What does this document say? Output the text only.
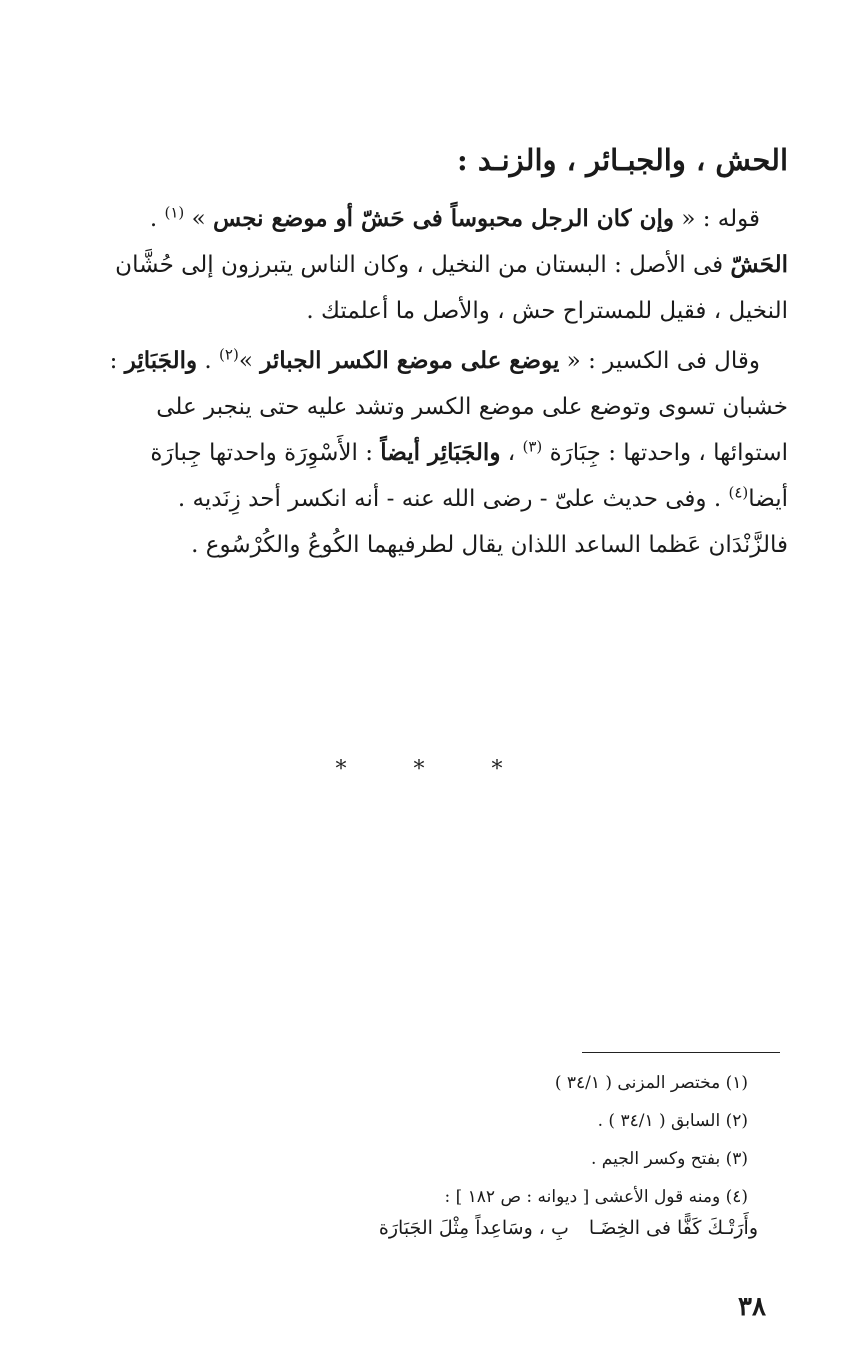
الحش ، والجبـائر ، والزنـد :
قوله : « وإن كان الرجل محبوساً فى حَشّ أو موضع نجس » $^{(١)}$ .
الحَشّ فى الأصل : البستان من النخيل ، وكان الناس يتبرزون إلى حُشَّان
النخيل ، فقيل للمستراح حش ، والأصل ما أعلمتك .
وقال فى الكسير : « يوضع على موضع الكسر الجبائر »$^{(٢)}$ . والجَبَائِر :
خشبان تسوى وتوضع على موضع الكسر وتشد عليه حتى ينجبر على
استوائها ، واحدتها : جِبَارَة $^{(٣)}$ ، والجَبَائِر أيضاً : الأَسْوِرَة واحدتها جِبارَة
أيضا$^{(٤)}$ . وفى حديث علىّ - رضى الله عنه - أنه انكسر أحد زِنَديه .
فالزَّنْدَان عَظما الساعد اللذان يقال لطرفيهما الكُوعُ والكُرْسُوع .
* * *
(١) مختصر المزنى ( ٣٤/١ )
(٢) السابق ( ٣٤/١ ) .
(٣) بفتح وكسر الجيم .
(٤) ومنه قول الأعشى [ ديوانه : ص ١٨٢ ] :
وأَرَتْـكَ كَفًّا فى الخِضَـابِ ، وسَاعِداً مِثْلَ الجَبَارَة
٣٨
